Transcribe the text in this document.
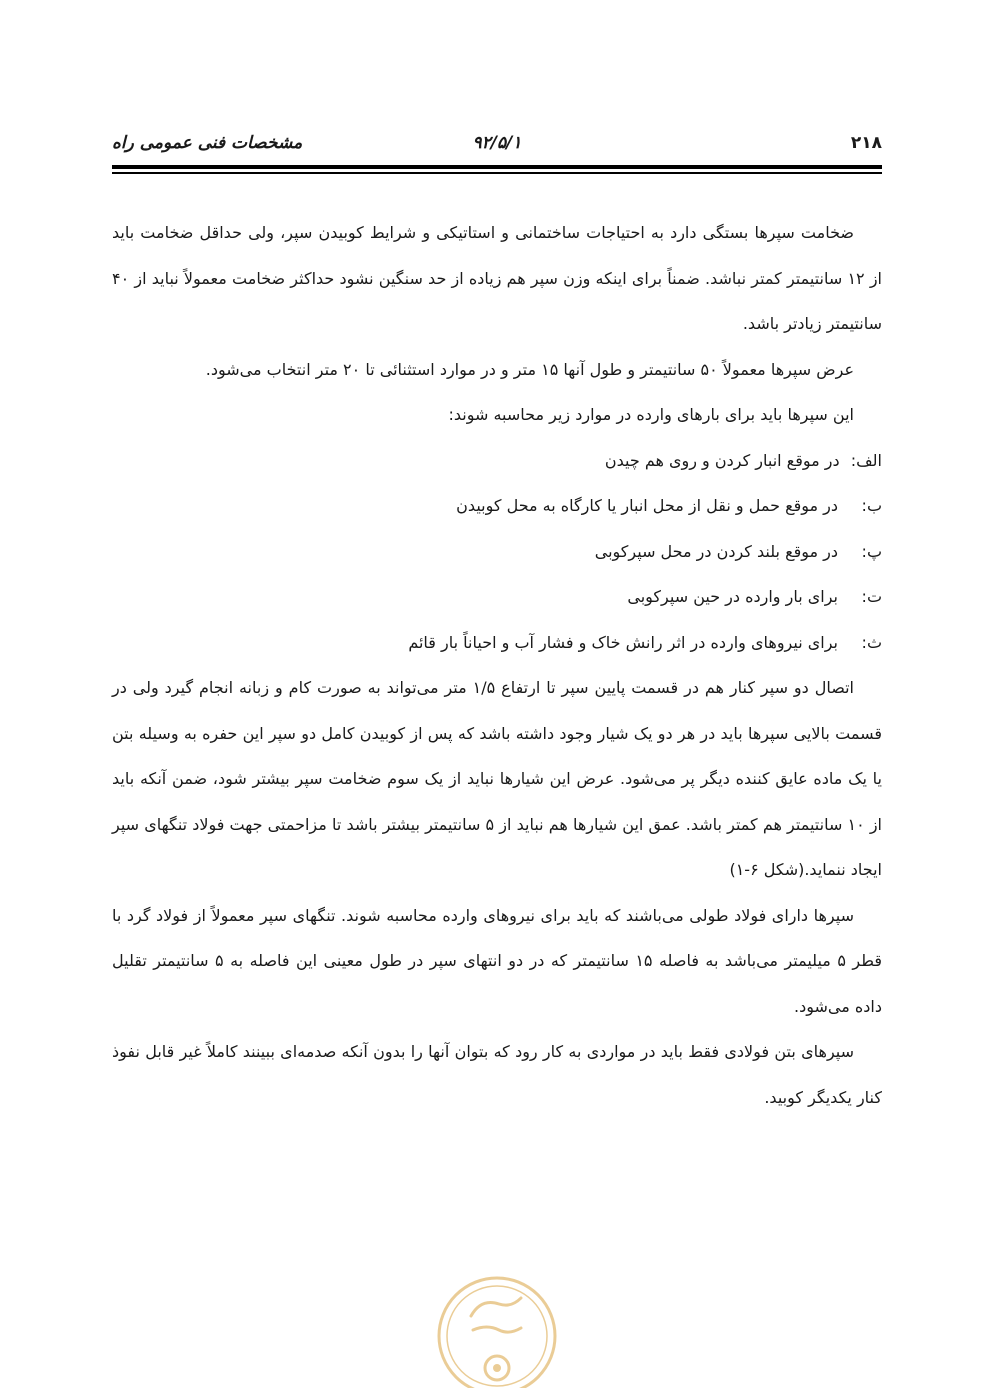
۲۱۸
۹۲/۵/۱
مشخصات فنی عمومی راه

ضخامت سپرها بستگی دارد به احتیاجات ساختمانی و استاتیکی و شرایط کوبیدن سپر، ولی حداقل ضخامت باید از ۱۲ سانتیمتر کمتر نباشد. ضمناً برای اینکه وزن سپر هم زیاده از حد سنگین نشود حداکثر ضخامت معمولاً نباید از ۴۰ سانتیمتر زیادتر باشد.

عرض سپرها معمولاً ۵۰ سانتیمتر و طول آنها ۱۵ متر و در موارد استثنائی تا ۲۰ متر انتخاب می‌شود.

این سپرها باید برای بارهای وارده در موارد زیر محاسبه شوند:

الف: در موقع انبار کردن و روی هم چیدن

ب:در موقع حمل و نقل از محل انبار یا کارگاه به محل کوبیدن

پ:در موقع بلند کردن در محل سپرکوبی

ت:برای بار وارده در حین سپرکوبی

ث:برای نیروهای وارده در اثر رانش خاک و فشار آب و احیاناً بار قائم

اتصال دو سپر کنار هم در قسمت پایین سپر تا ارتفاع ۱/۵ متر می‌تواند به صورت کام و زبانه انجام گیرد ولی در قسمت بالایی سپرها باید در هر دو یک شیار وجود داشته باشد که پس از کوبیدن کامل دو سپر این حفره به وسیله بتن یا یک ماده عایق کننده دیگر پر می‌شود. عرض این شیارها نباید از یک سوم ضخامت سپر بیشتر شود، ضمن آنکه باید از ۱۰ سانتیمتر هم کمتر باشد. عمق این شیارها هم نباید از ۵ سانتیمتر بیشتر باشد تا مزاحمتی جهت فولاد تنگهای سپر ایجاد ننماید.(شکل ۶-۱)

سپرها دارای فولاد طولی می‌باشند که باید برای نیروهای وارده محاسبه شوند. تنگهای سپر معمولاً از فولاد گرد با قطر ۵ میلیمتر می‌باشد به فاصله ۱۵ سانتیمتر که در دو انتهای سپر در طول معینی این فاصله به ۵ سانتیمتر تقلیل داده می‌شود.

سپرهای بتن فولادی فقط باید در مواردی به کار رود که بتوان آنها را بدون آنکه صدمه‌ای ببینند کاملاً غیر قابل نفوذ کنار یکدیگر کوبید.
